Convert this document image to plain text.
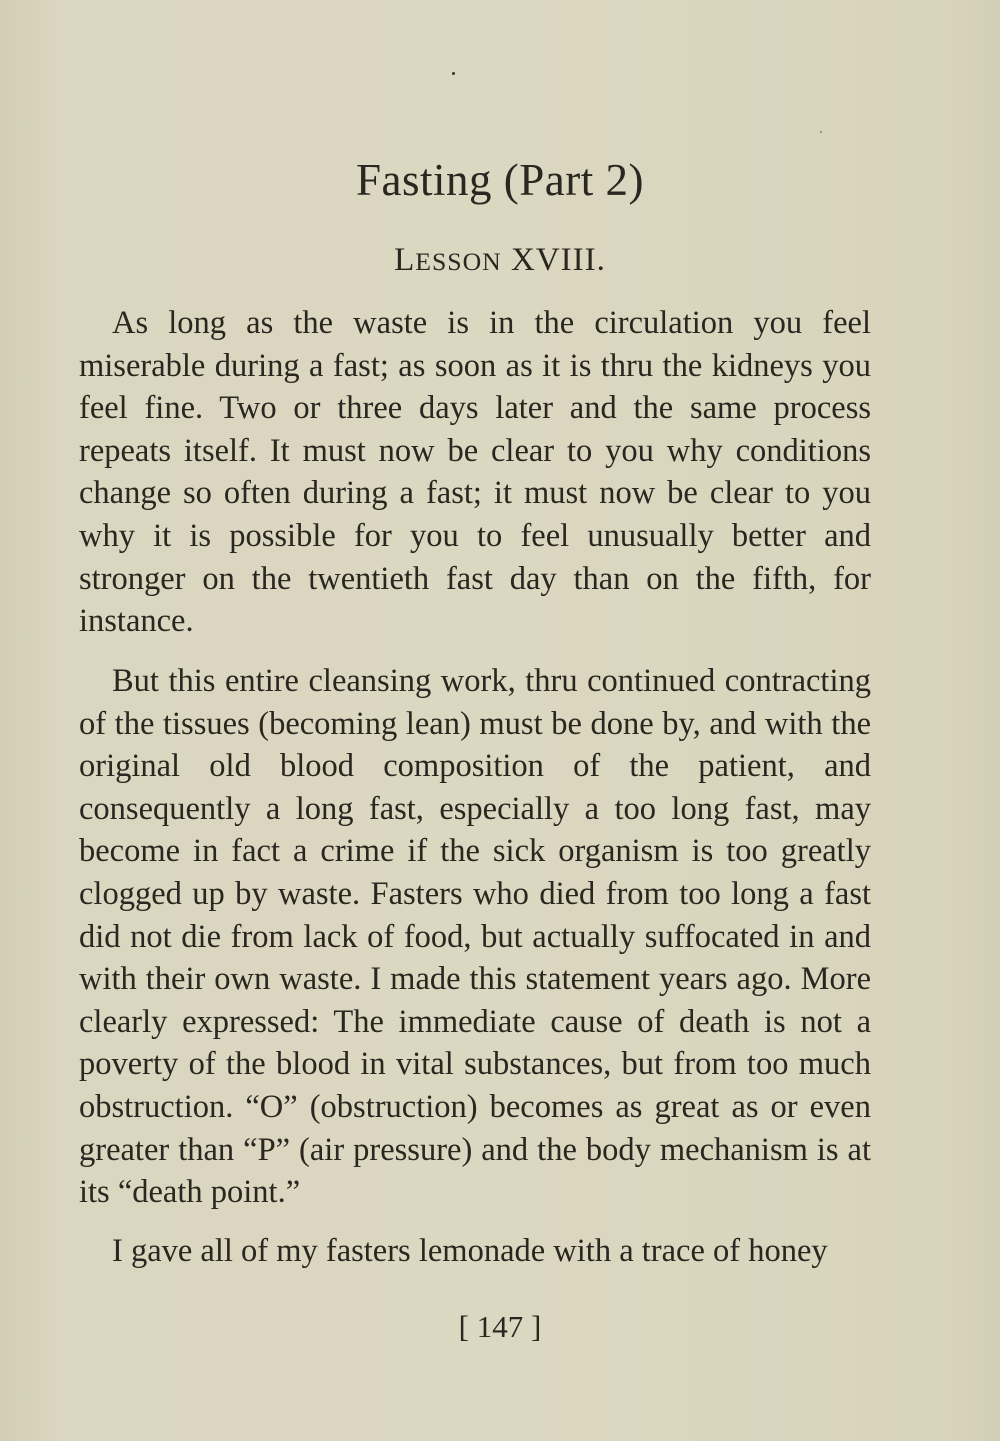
Fasting (Part 2)
LESSON XVIII.

As long as the waste is in the circulation you feel miserable during a fast; as soon as it is thru the kidneys you feel fine. Two or three days later and the same process repeats itself. It must now be clear to you why conditions change so often during a fast; it must now be clear to you why it is possible for you to feel unusually better and stronger on the twentieth fast day than on the fifth, for instance.

But this entire cleansing work, thru continued contracting of the tissues (becoming lean) must be done by, and with the original old blood composition of the patient, and consequently a long fast, especially a too long fast, may become in fact a crime if the sick organism is too greatly clogged up by waste. Fasters who died from too long a fast did not die from lack of food, but actually suffocated in and with their own waste. I made this statement years ago. More clearly expressed: The immediate cause of death is not a poverty of the blood in vital substances, but from too much obstruction. “O” (obstruction) becomes as great as or even greater than “P” (air pressure) and the body mechanism is at its “death point.”

I gave all of my fasters lemonade with a trace of honey

[ 147 ]
